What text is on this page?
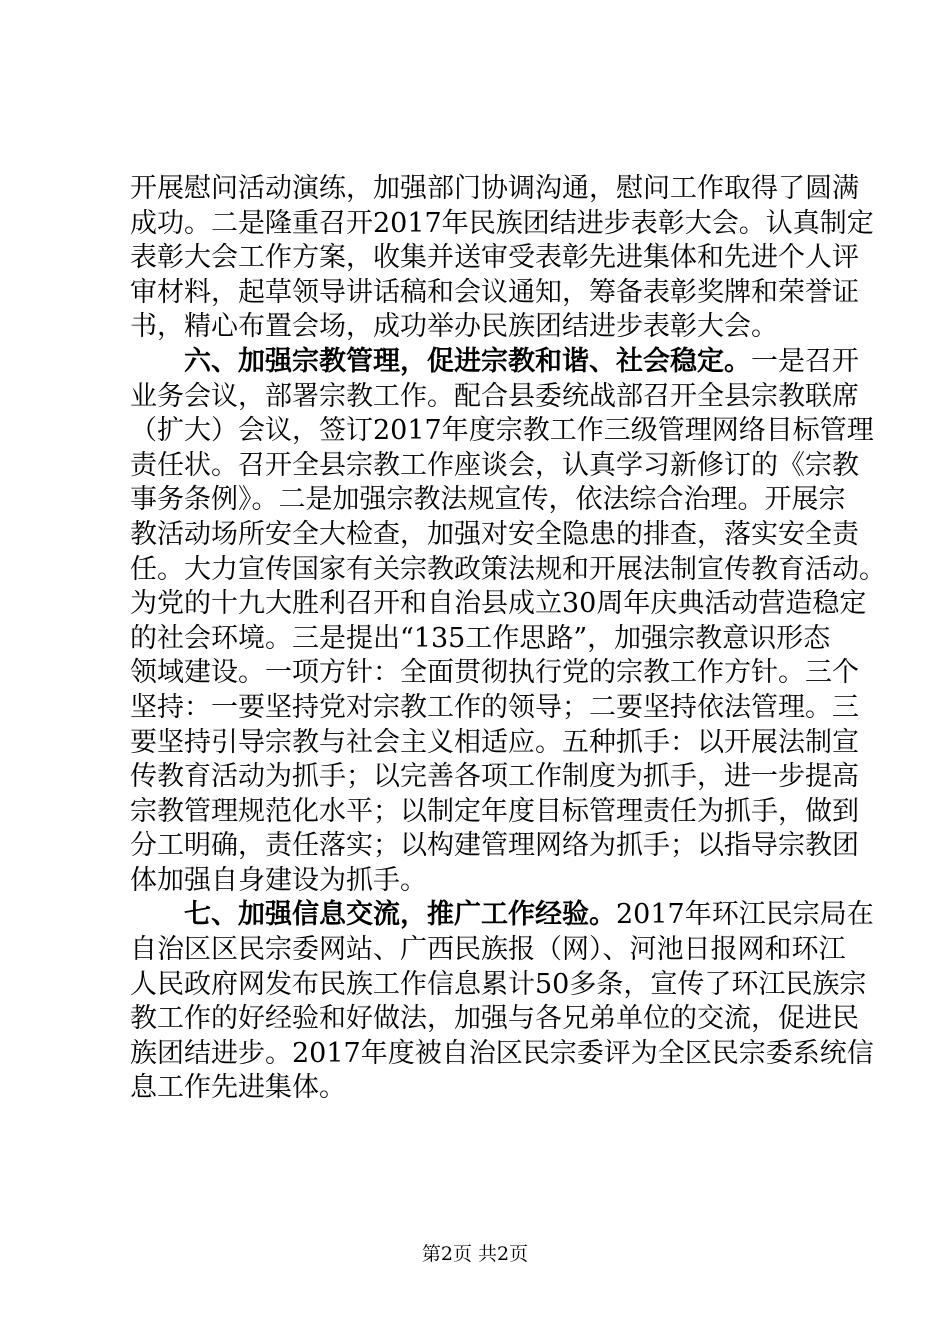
开展慰问活动演练，加强部门协调沟通，慰问工作取得了圆满
成功。二是隆重召开2017年民族团结进步表彰大会。认真制定
表彰大会工作方案，收集并送审受表彰先进集体和先进个人评
审材料，起草领导讲话稿和会议通知，筹备表彰奖牌和荣誉证
书，精心布置会场，成功举办民族团结进步表彰大会。
六、加强宗教管理，促进宗教和谐、社会稳定。一是召开
业务会议，部署宗教工作。配合县委统战部召开全县宗教联席
（扩大）会议，签订2017年度宗教工作三级管理网络目标管理
责任状。召开全县宗教工作座谈会，认真学习新修订的《宗教
事务条例》。二是加强宗教法规宣传，依法综合治理。开展宗
教活动场所安全大检查，加强对安全隐患的排查，落实安全责
任。大力宣传国家有关宗教政策法规和开展法制宣传教育活动。
为党的十九大胜利召开和自治县成立30周年庆典活动营造稳定
的社会环境。三是提出“135工作思路”，加强宗教意识形态
领域建设。一项方针：全面贯彻执行党的宗教工作方针。三个
坚持：一要坚持党对宗教工作的领导；二要坚持依法管理。三
要坚持引导宗教与社会主义相适应。五种抓手：以开展法制宣
传教育活动为抓手；以完善各项工作制度为抓手，进一步提高
宗教管理规范化水平；以制定年度目标管理责任为抓手，做到
分工明确，责任落实；以构建管理网络为抓手；以指导宗教团
体加强自身建设为抓手。
七、加强信息交流，推广工作经验。2017年环江民宗局在
自治区区民宗委网站、广西民族报（网）、河池日报网和环江
人民政府网发布民族工作信息累计50多条，宣传了环江民族宗
教工作的好经验和好做法，加强与各兄弟单位的交流，促进民
族团结进步。2017年度被自治区民宗委评为全区民宗委系统信
息工作先进集体。
第2页 共2页
